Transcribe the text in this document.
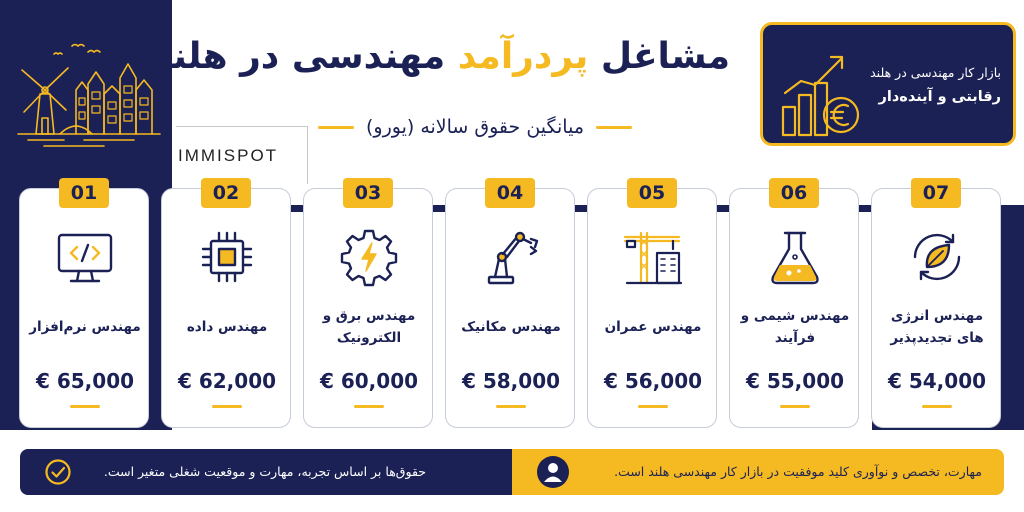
مشاغل پردرآمد مهندسی در هلند
میانگین حقوق سالانه (یورو)
IMMISPOT
بازار کار مهندسی در هلند
رقابتی و آینده‌دار
مهندس نرم‌افزار
€ 65,000
01
مهندس داده
€ 62,000
02
مهندس برق و الکترونیک
€ 60,000
03
مهندس مکانیک
€ 58,000
04
مهندس عمران
€ 56,000
05
مهندس شیمی و فرآیند
€ 55,000
06
مهندس انرژی های تجدیدپذیر
€ 54,000
07
حقوق‌ها بر اساس تجربه، مهارت و موقعیت شغلی متغیر است.	مهارت، تخصص و نوآوری کلید موفقیت در بازار کار مهندسی هلند است.
